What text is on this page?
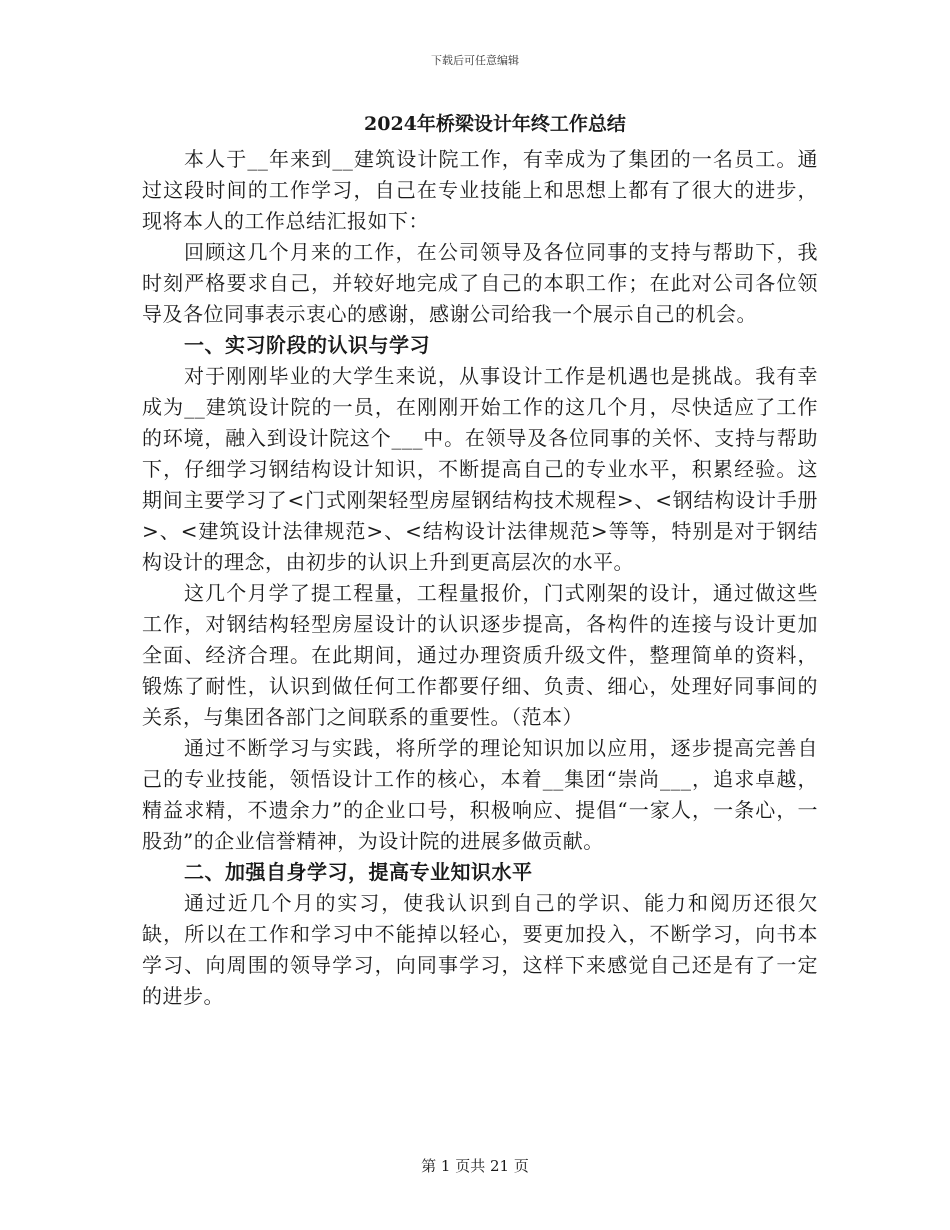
下载后可任意编辑
2024年桥梁设计年终工作总结

本人于__年来到__建筑设计院工作，有幸成为了集团的一名员工。通过这段时间的工作学习，自己在专业技能上和思想上都有了很大的进步，现将本人的工作总结汇报如下：

回顾这几个月来的工作，在公司领导及各位同事的支持与帮助下，我时刻严格要求自己，并较好地完成了自己的本职工作；在此对公司各位领导及各位同事表示衷心的感谢，感谢公司给我一个展示自己的机会。

一、实习阶段的认识与学习

对于刚刚毕业的大学生来说，从事设计工作是机遇也是挑战。我有幸成为__建筑设计院的一员，在刚刚开始工作的这几个月，尽快适应了工作的环境，融入到设计院这个___中。在领导及各位同事的关怀、支持与帮助下，仔细学习钢结构设计知识，不断提高自己的专业水平，积累经验。这期间主要学习了<门式刚架轻型房屋钢结构技术规程>、<钢结构设计手册>、<建筑设计法律规范>、<结构设计法律规范>等等，特别是对于钢结构设计的理念，由初步的认识上升到更高层次的水平。

这几个月学了提工程量，工程量报价，门式刚架的设计，通过做这些工作，对钢结构轻型房屋设计的认识逐步提高，各构件的连接与设计更加全面、经济合理。在此期间，通过办理资质升级文件，整理简单的资料，锻炼了耐性，认识到做任何工作都要仔细、负责、细心，处理好同事间的关系，与集团各部门之间联系的重要性。（范本）

通过不断学习与实践，将所学的理论知识加以应用，逐步提高完善自己的专业技能，领悟设计工作的核心，本着__集团“崇尚___，追求卓越，精益求精，不遗余力”的企业口号，积极响应、提倡“一家人，一条心，一股劲”的企业信誉精神，为设计院的进展多做贡献。

二、加强自身学习，提高专业知识水平

通过近几个月的实习，使我认识到自己的学识、能力和阅历还很欠缺，所以在工作和学习中不能掉以轻心，要更加投入，不断学习，向书本学习、向周围的领导学习，向同事学习，这样下来感觉自己还是有了一定的进步。

第 1 页共 21 页
